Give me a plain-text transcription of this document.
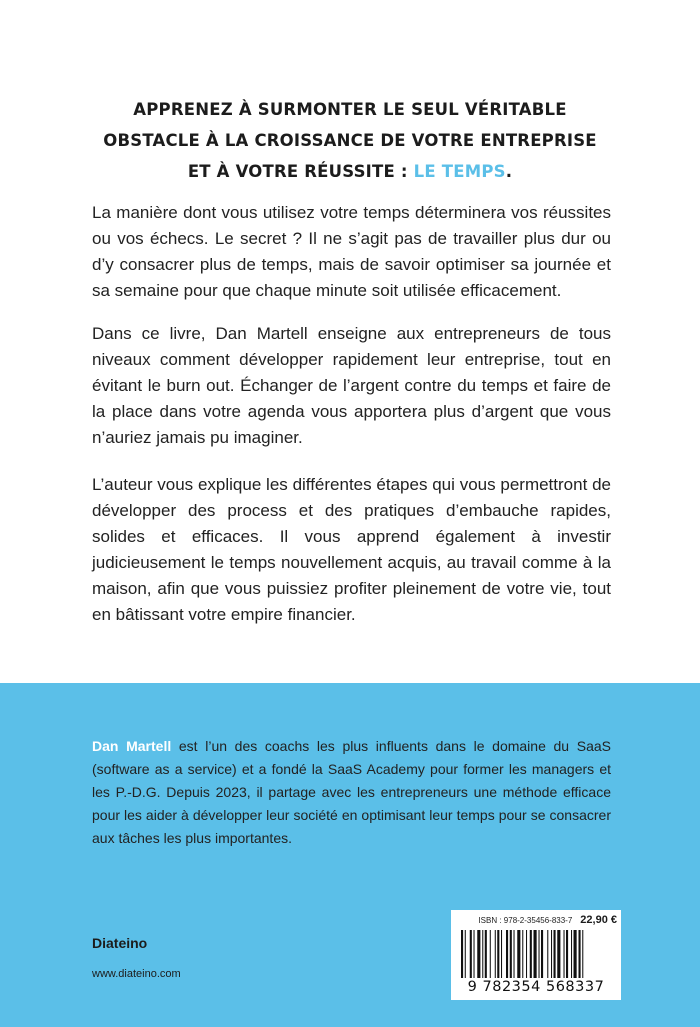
APPRENEZ À SURMONTER LE SEUL VÉRITABLE
OBSTACLE À LA CROISSANCE DE VOTRE ENTREPRISE
ET À VOTRE RÉUSSITE : LE TEMPS.

La manière dont vous utilisez votre temps déterminera vos réussites ou vos échecs. Le secret ? Il ne s’agit pas de travailler plus dur ou d’y consacrer plus de temps, mais de savoir optimiser sa journée et sa semaine pour que chaque minute soit utilisée efficacement.

Dans ce livre, Dan Martell enseigne aux entrepreneurs de tous niveaux comment développer rapidement leur entreprise, tout en évitant le burn out. Échanger de l’argent contre du temps et faire de la place dans votre agenda vous apportera plus d’argent que vous n’auriez jamais pu imaginer.

L’auteur vous explique les différentes étapes qui vous permettront de développer des process et des pratiques d’embauche rapides, solides et efficaces. Il vous apprend également à investir judicieusement le temps nouvellement acquis, au travail comme à la maison, afin que vous puissiez profiter pleinement de votre vie, tout en bâtissant votre empire financier.

Dan Martell est l’un des coachs les plus influents dans le domaine du SaaS (software as a service) et a fondé la SaaS Academy pour former les managers et les P.-D.G. Depuis 2023, il partage avec les entrepreneurs une méthode efficace pour les aider à développer leur société en optimisant leur temps pour se consacrer aux tâches les plus importantes.
Diateino
www.diateino.com
ISBN : 978-2-35456-833-7 22,90 €
9 782354 568337
